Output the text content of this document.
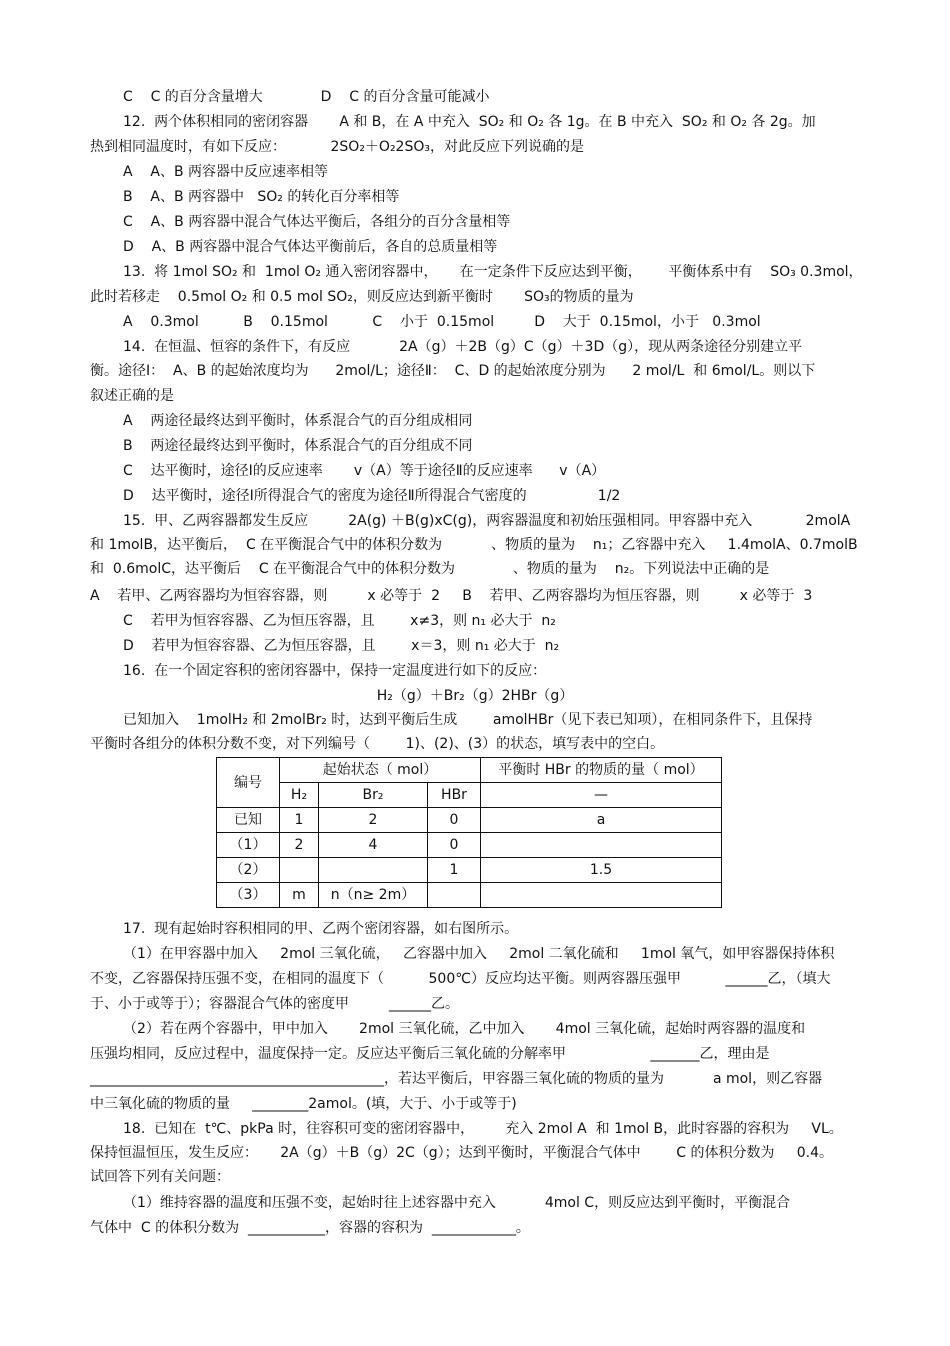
C    C 的百分含量增大             D    C 的百分含量可能减小
12.  两个体积相同的密闭容器       A 和 B，在 A 中充入  SO₂ 和 O₂ 各 1g。在 B 中充入  SO₂ 和 O₂ 各 2g。加
热到相同温度时，有如下反应：          2SO₂＋O₂2SO₃，对此反应下列说确的是
A    A、B 两容器中反应速率相等
B    A、B 两容器中   SO₂ 的转化百分率相等
C    A、B 两容器中混合气体达平衡后，各组分的百分含量相等
D    A、B 两容器中混合气体达平衡前后，各自的总质量相等
13.  将 1mol SO₂ 和  1mol O₂ 通入密闭容器中，     在一定条件下反应达到平衡，      平衡体系中有    SO₃ 0.3mol，
此时若移走    0.5mol O₂ 和 0.5 mol SO₂，则反应达到新平衡时       SO₃的物质的量为
A    0.3mol          B    0.15mol          C    小于  0.15mol         D    大于  0.15mol，小于   0.3mol
14.  在恒温、恒容的条件下，有反应           2A（g）＋2B（g）C（g）＋3D（g），现从两条途径分别建立平
衡。途径Ⅰ：  A、B 的起始浓度均为      2mol/L；途径Ⅱ：  C、D 的起始浓度分别为      2 mol/L  和 6mol/L。则以下
叙述正确的是
A    两途径最终达到平衡时，体系混合气的百分组成相同
B    两途径最终达到平衡时，体系混合气的百分组成不同
C    达平衡时，途径Ⅰ的反应速率       v（A）等于途径Ⅱ的反应速率      v（A）
D    达平衡时，途径Ⅰ所得混合气的密度为途径Ⅱ所得混合气密度的                1/2
15.  甲、乙两容器都发生反应         2A(g) ＋B(g)xC(g)，两容器温度和初始压强相同。甲容器中充入            2molA
和 1molB，达平衡后，  C 在平衡混合气中的体积分数为           、物质的量为    n₁；乙容器中充入     1.4molA、0.7molB
和  0.6molC，达平衡后    C 在平衡混合气中的体积分数为             、物质的量为    n₂。下列说法中正确的是
A    若甲、乙两容器均为恒容容器，则         x 必等于  2     B    若甲、乙两容器均为恒压容器，则         x 必等于  3
C    若甲为恒容容器、乙为恒压容器，且        x≠3，则 n₁ 必大于  n₂
D    若甲为恒容容器、乙为恒压容器，且        x＝3，则 n₁ 必大于  n₂
16.  在一个固定容积的密闭容器中，保持一定温度进行如下的反应：
H₂（g）＋Br₂（g）2HBr（g）
已知加入    1molH₂ 和 2molBr₂ 时，达到平衡后生成        amolHBr（见下表已知项），在相同条件下，且保持
平衡时各组分的体积分数不变，对下列编号（        1)、(2)、(3）的状态，填写表中的空白。
编号	起始状态（ mol）			平衡时 HBr 的物质的量（ mol）
	H₂	Br₂	HBr	—
已知	1	2	0	a
（1）	2	4	0	
（2）			1	1.5
（3）	m	n（n≥ 2m）		
17.  现有起始时容积相同的甲、乙两个密闭容器，如右图所示。
（1）在甲容器中加入     2mol 三氧化硫，   乙容器中加入     2mol 二氧化硫和     1mol 氧气，如甲容器保持体积
不变，乙容器保持压强不变，在相同的温度下（          500℃）反应均达平衡。则两容器压强甲          ______乙，（填大
于、小于或等于）；容器混合气体的密度甲         ______乙。
（2）若在两个容器中，甲中加入       2mol 三氧化硫，乙中加入       4mol 三氧化硫，起始时两容器的温度和
压强均相同，反应过程中，温度保持一定。反应达平衡后三氧化硫的分解率甲                   _______乙，理由是
__________________________________________，若达平衡后，甲容器三氧化硫的物质的量为           a mol，则乙容器
中三氧化硫的物质的量     ________2amol。(填，大于、小于或等于)
18.  已知在  t℃、pkPa 时，往容积可变的密闭容器中，       充入 2mol A  和 1mol B，此时容器的容积为     VL。
保持恒温恒压，发生反应：     2A（g）＋B（g）2C（g）；达到平衡时，平衡混合气体中        C 的体积分数为     0.4。
试回答下列有关问题：
（1）维持容器的温度和压强不变，起始时往上述容器中充入           4mol C，则反应达到平衡时，平衡混合
气体中  C 的体积分数为  ___________，容器的容积为  ____________。
